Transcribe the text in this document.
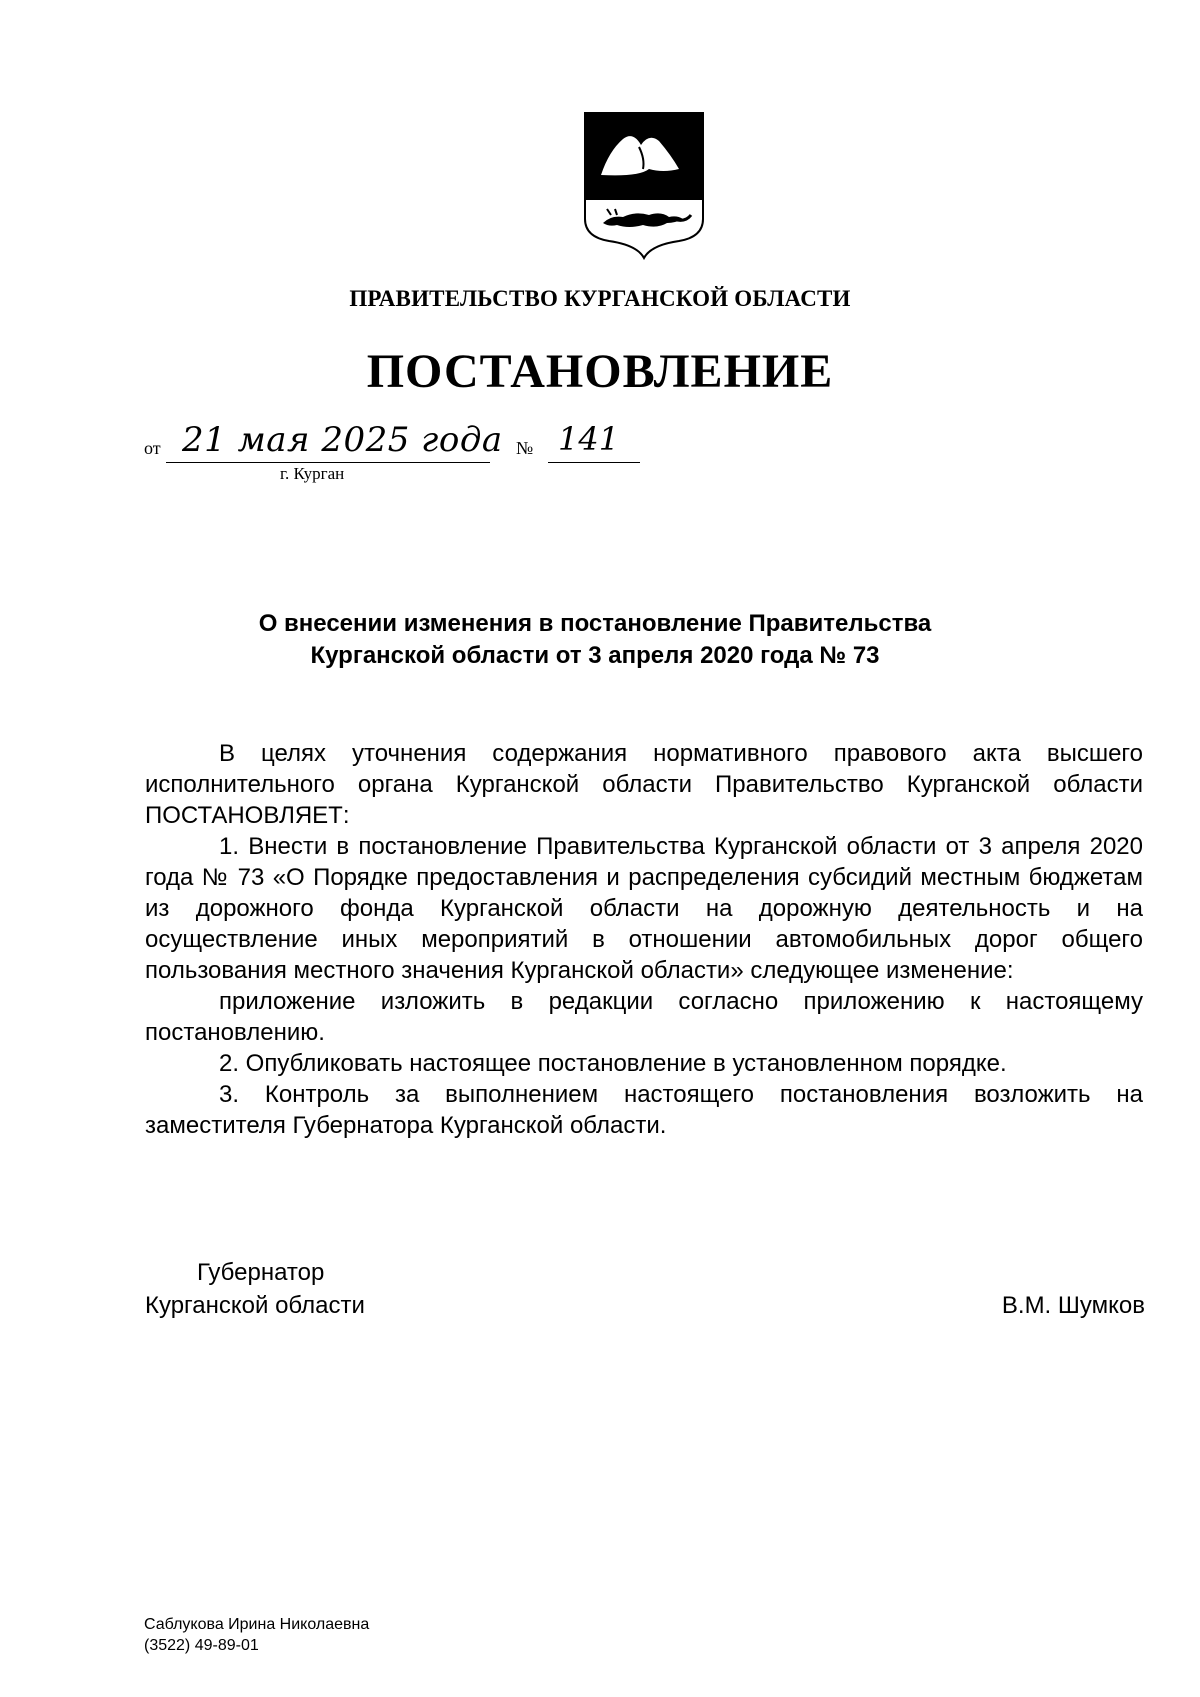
ПРАВИТЕЛЬСТВО КУРГАНСКОЙ ОБЛАСТИ
ПОСТАНОВЛЕНИЕ
от 21 мая 2025 года № 141
г. Курган
О внесении изменения в постановление Правительства
Курганской области от 3 апреля 2020 года № 73

В целях уточнения содержания нормативного правового акта высшего исполнительного органа Курганской области Правительство Курганской области ПОСТАНОВЛЯЕТ:

1. Внести в постановление Правительства Курганской области от 3 апреля 2020 года № 73 «О Порядке предоставления и распределения субсидий местным бюджетам из дорожного фонда Курганской области на дорожную деятельность и на осуществление иных мероприятий в отношении автомобильных дорог общего пользования местного значения Курганской области» следующее изменение:

приложение изложить в редакции согласно приложению к настоящему постановлению.

2. Опубликовать настоящее постановление в установленном порядке.

3. Контроль за выполнением настоящего постановления возложить на заместителя Губернатора Курганской области.

Губернатор
Курганской области	В.М. Шумков
Саблукова Ирина Николаевна
(3522) 49-89-01
